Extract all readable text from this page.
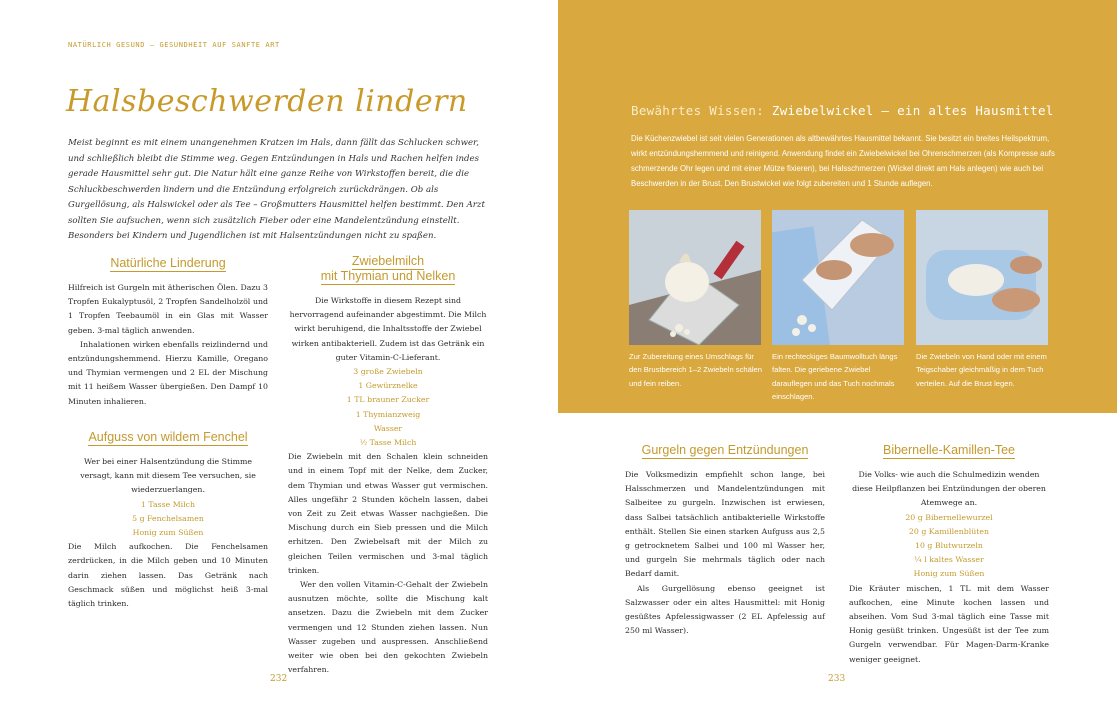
NATÜRLICH GESUND – GESUNDHEIT AUF SANFTE ART
Halsbeschwerden lindern
Meist beginnt es mit einem unangenehmen Kratzen im Hals, dann fällt das Schlucken schwer, und schließlich bleibt die Stimme weg. Gegen Entzündungen in Hals und Rachen helfen indes gerade Hausmittel sehr gut. Die Natur hält eine ganze Reihe von Wirkstoffen bereit, die die Schluckbeschwerden lindern und die Entzündung erfolgreich zurückdrängen. Ob als Gurgellösung, als Halswickel oder als Tee – Großmutters Hausmittel helfen bestimmt. Den Arzt sollten Sie aufsuchen, wenn sich zusätzlich Fieber oder eine Mandelentzündung einstellt. Besonders bei Kindern und Jugendlichen ist mit Halsentzündungen nicht zu spaßen.
Natürliche Linderung

Hilfreich ist Gurgeln mit ätherischen Ölen. Dazu 3 Tropfen Eukalyptusöl, 2 Tropfen Sandelholzöl und 1 Tropfen Teebaumöl in ein Glas mit Wasser geben. 3-mal täglich anwenden.

Inhalationen wirken ebenfalls reizlindernd und entzündungshemmend. Hierzu Kamille, Oregano und Thymian vermengen und 2 EL der Mischung mit 11 heißem Wasser übergießen. Den Dampf 10 Minuten inhalieren.

Aufguss von wildem Fenchel
Wer bei einer Halsentzündung die Stimme versagt, kann mit diesem Tee versuchen, sie wiederzuerlangen.
1 Tasse Milch
5 g Fenchelsamen
Honig zum Süßen

Die Milch aufkochen. Die Fenchelsamen zerdrücken, in die Milch geben und 10 Minuten darin ziehen lassen. Das Getränk nach Geschmack süßen und möglichst heiß 3-mal täglich trinken.

Zwiebelmilch
mit Thymian und Nelken
Die Wirkstoffe in diesem Rezept sind hervorragend aufeinander abgestimmt. Die Milch wirkt beruhigend, die Inhaltsstoffe der Zwiebel wirken antibakteriell. Zudem ist das Getränk ein guter Vitamin-C-Lieferant.
3 große Zwiebeln
1 Gewürznelke
1 TL brauner Zucker
1 Thymianzweig
Wasser
½ Tasse Milch

Die Zwiebeln mit den Schalen klein schneiden und in einem Topf mit der Nelke, dem Zucker, dem Thymian und etwas Wasser gut vermischen. Alles ungefähr 2 Stunden köcheln lassen, dabei von Zeit zu Zeit etwas Wasser nachgießen. Die Mischung durch ein Sieb pressen und die Milch erhitzen. Den Zwiebelsaft mit der Milch zu gleichen Teilen vermischen und 3-mal täglich trinken.

Wer den vollen Vitamin-C-Gehalt der Zwiebeln ausnutzen möchte, sollte die Mischung kalt ansetzen. Dazu die Zwiebeln mit dem Zucker vermengen und 12 Stunden ziehen lassen. Nun Wasser zugeben und auspressen. Anschließend weiter wie oben bei den gekochten Zwiebeln verfahren.

232
Bewährtes Wissen: Zwiebelwickel – ein altes Hausmittel
Die Küchenzwiebel ist seit vielen Generationen als altbewährtes Hausmittel bekannt. Sie besitzt ein breites Heilspektrum, wirkt entzündungshemmend und reinigend. Anwendung findet ein Zwiebelwickel bei Ohrenschmerzen (als Kompresse aufs schmerzende Ohr legen und mit einer Mütze fixieren), bei Halsschmerzen (Wickel direkt am Hals anlegen) wie auch bei Beschwerden in der Brust. Den Brustwickel wie folgt zubereiten und 1 Stunde auflegen.
Zur Zubereitung eines Umschlags für den Brustbereich 1–2 Zwiebeln schälen und fein reiben.
Ein rechteckiges Baumwolltuch längs falten. Die geriebene Zwiebel darauflegen und das Tuch nochmals einschlagen.
Die Zwiebeln von Hand oder mit einem Teigschaber gleichmäßig in dem Tuch verteilen. Auf die Brust legen.
Gurgeln gegen Entzündungen

Die Volksmedizin empfiehlt schon lange, bei Halsschmerzen und Mandelentzündungen mit Salbeitee zu gurgeln. Inzwischen ist erwiesen, dass Salbei tatsächlich antibakterielle Wirkstoffe enthält. Stellen Sie einen starken Aufguss aus 2,5 g getrocknetem Salbei und 100 ml Wasser her, und gurgeln Sie mehrmals täglich oder nach Bedarf damit.

Als Gurgellösung ebenso geeignet ist Salzwasser oder ein altes Hausmittel: mit Honig gesüßtes Apfelessigwasser (2 EL Apfelessig auf 250 ml Wasser).

Bibernelle-Kamillen-Tee
Die Volks- wie auch die Schulmedizin wenden diese Heilpflanzen bei Entzündungen der oberen Atemwege an.
20 g Bibernellewurzel
20 g Kamillenblüten
10 g Blutwurzeln
¼ l kaltes Wasser
Honig zum Süßen

Die Kräuter mischen, 1 TL mit dem Wasser aufkochen, eine Minute kochen lassen und abseihen. Vom Sud 3-mal täglich eine Tasse mit Honig gesüßt trinken. Ungesüßt ist der Tee zum Gurgeln verwendbar. Für Magen-Darm-Kranke weniger geeignet.

233
